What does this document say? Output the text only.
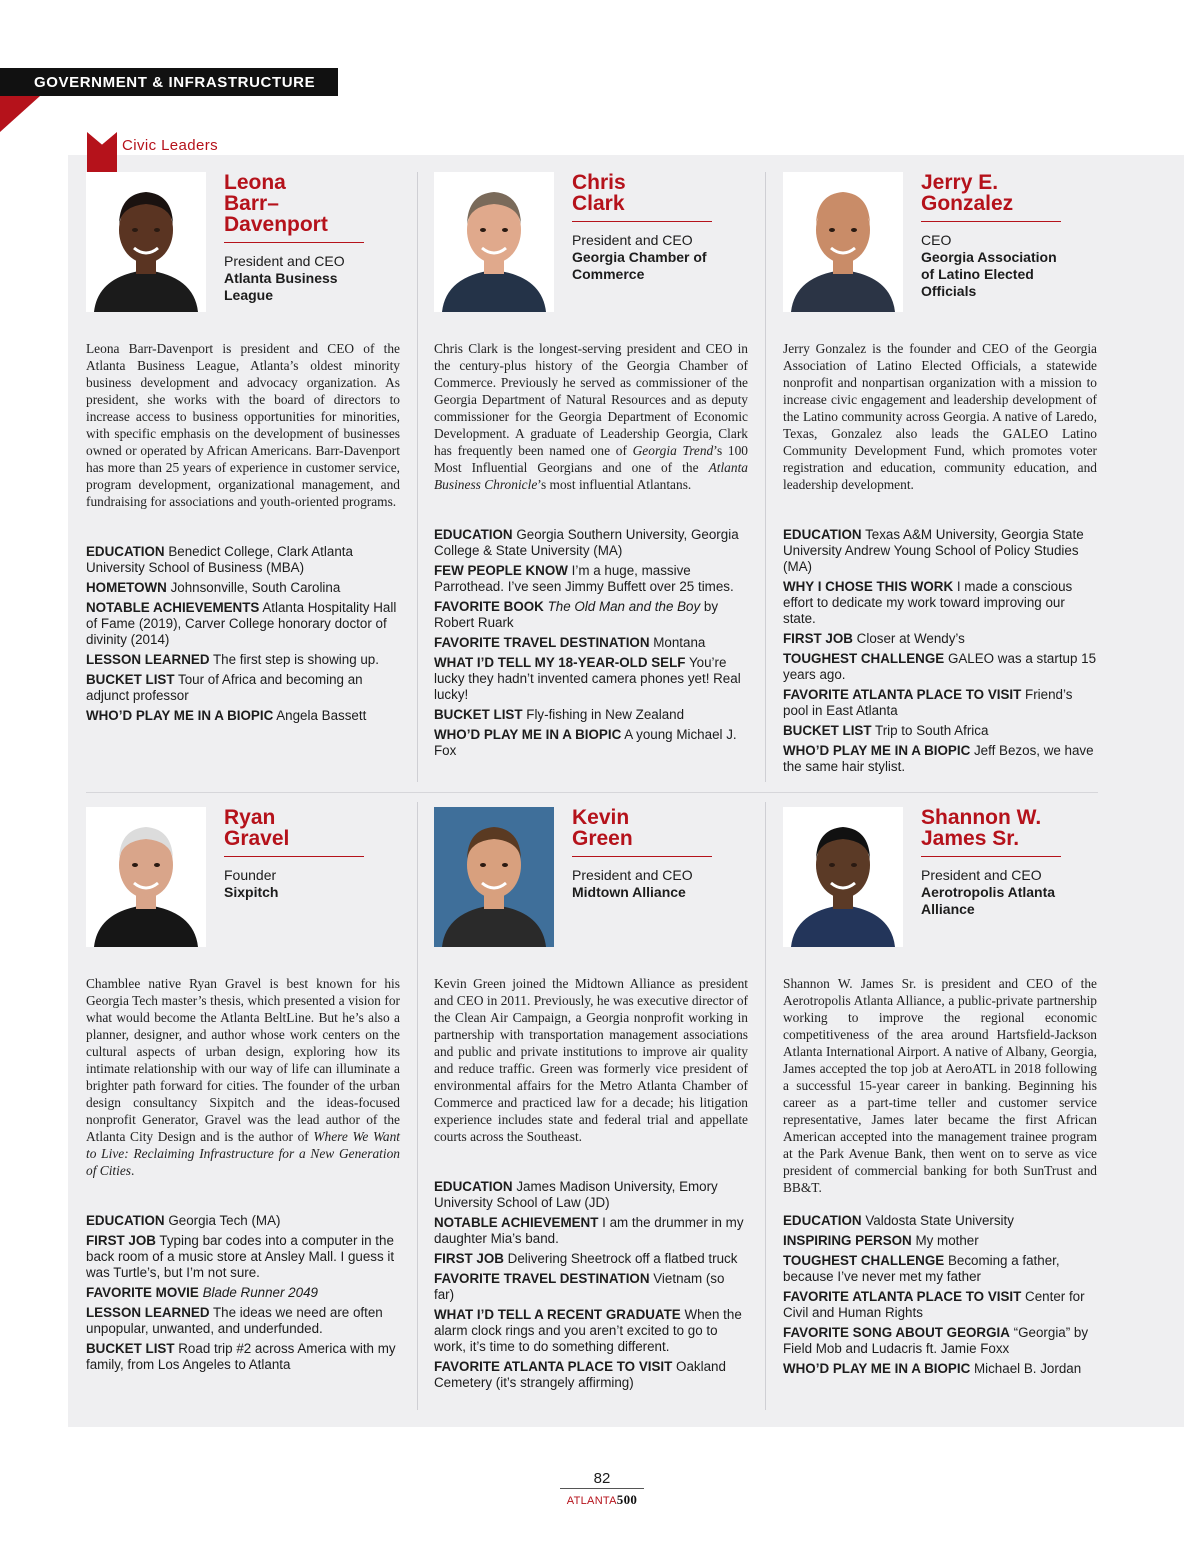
GOVERNMENT & INFRASTRUCTURE
Civic Leaders
Leona
Barr–
Davenport
President and CEO
Atlanta Business League
Leona Barr-Davenport is president and CEO of the Atlanta Business League, Atlanta’s oldest minority business development and advocacy organization. As president, she works with the board of directors to increase access to business opportunities for minorities, with specific emphasis on the development of businesses owned or operated by African Americans. Barr-Davenport has more than 25 years of experience in customer service, program development, organizational management, and fundraising for associations and youth-oriented programs.

EDUCATION Benedict College, Clark Atlanta University School of Business (MBA)

HOMETOWN Johnsonville, South Carolina

NOTABLE ACHIEVEMENTS Atlanta Hospitality Hall of Fame (2019), Carver College honorary doctor of divinity (2014)

LESSON LEARNED The first step is showing up.

BUCKET LIST Tour of Africa and becoming an adjunct professor

WHO’D PLAY ME IN A BIOPIC Angela Bassett

Chris
Clark
President and CEO
Georgia Chamber of Commerce
Chris Clark is the longest-serving president and CEO in the century-plus history of the Georgia Chamber of Commerce. Previously he served as commissioner of the Georgia Department of Natural Resources and as deputy commissioner for the Georgia Department of Economic Development. A graduate of Leadership Georgia, Clark has frequently been named one of Georgia Trend’s 100 Most Influential Georgians and one of the Atlanta Business Chronicle’s most influential Atlantans.

EDUCATION Georgia Southern University, Georgia College & State University (MA)

FEW PEOPLE KNOW I’m a huge, massive Parrothead. I’ve seen Jimmy Buffett over 25 times.

FAVORITE BOOK The Old Man and the Boy by Robert Ruark

FAVORITE TRAVEL DESTINATION Montana

WHAT I’D TELL MY 18-YEAR-OLD SELF You’re lucky they hadn’t invented camera phones yet! Real lucky!

BUCKET LIST Fly-fishing in New Zealand

WHO’D PLAY ME IN A BIOPIC A young Michael J. Fox

Jerry E.
Gonzalez
CEO
Georgia Association of Latino Elected Officials
Jerry Gonzalez is the founder and CEO of the Georgia Association of Latino Elected Officials, a statewide nonprofit and nonpartisan organization with a mission to increase civic engagement and leadership development of the Latino community across Georgia. A native of Laredo, Texas, Gonzalez also leads the GALEO Latino Community Development Fund, which promotes voter registration and education, community education, and leadership development.

EDUCATION Texas A&M University, Georgia State University Andrew Young School of Policy Studies (MA)

WHY I CHOSE THIS WORK I made a conscious effort to dedicate my work toward improving our state.

FIRST JOB Closer at Wendy’s

TOUGHEST CHALLENGE GALEO was a startup 15 years ago.

FAVORITE ATLANTA PLACE TO VISIT Friend’s pool in East Atlanta

BUCKET LIST Trip to South Africa

WHO’D PLAY ME IN A BIOPIC Jeff Bezos, we have the same hair stylist.

Ryan
Gravel
Founder
Sixpitch
Chamblee native Ryan Gravel is best known for his Georgia Tech master’s thesis, which presented a vision for what would become the Atlanta BeltLine. But he’s also a planner, designer, and author whose work centers on the cultural aspects of urban design, exploring how its intimate relationship with our way of life can illuminate a brighter path forward for cities. The founder of the urban design consultancy Sixpitch and the ideas-focused nonprofit Generator, Gravel was the lead author of the Atlanta City Design and is the author of Where We Want to Live: Reclaiming Infrastructure for a New Generation of Cities.

EDUCATION Georgia Tech (MA)

FIRST JOB Typing bar codes into a computer in the back room of a music store at Ansley Mall. I guess it was Turtle’s, but I’m not sure.

FAVORITE MOVIE Blade Runner 2049

LESSON LEARNED The ideas we need are often unpopular, unwanted, and underfunded.

BUCKET LIST Road trip #2 across America with my family, from Los Angeles to Atlanta

Kevin
Green
President and CEO
Midtown Alliance
Kevin Green joined the Midtown Alliance as president and CEO in 2011. Previously, he was executive director of the Clean Air Campaign, a Georgia nonprofit working in partnership with transportation management associations and public and private institutions to improve air quality and reduce traffic. Green was formerly vice president of environmental affairs for the Metro Atlanta Chamber of Commerce and practiced law for a decade; his litigation experience includes state and federal trial and appellate courts across the Southeast.

EDUCATION James Madison University, Emory University School of Law (JD)

NOTABLE ACHIEVEMENT I am the drummer in my daughter Mia’s band.

FIRST JOB Delivering Sheetrock off a flatbed truck

FAVORITE TRAVEL DESTINATION Vietnam (so far)

WHAT I’D TELL A RECENT GRADUATE When the alarm clock rings and you aren’t excited to go to work, it’s time to do something different.

FAVORITE ATLANTA PLACE TO VISIT Oakland Cemetery (it’s strangely affirming)

Shannon W.
James Sr.
President and CEO
Aerotropolis Atlanta Alliance
Shannon W. James Sr. is president and CEO of the Aerotropolis Atlanta Alliance, a public-private partnership working to improve the regional economic competitiveness of the area around Hartsfield-Jackson Atlanta International Airport. A native of Albany, Georgia, James accepted the top job at AeroATL in 2018 following a successful 15-year career in banking. Beginning his career as a part-time teller and customer service representative, James later became the first African American accepted into the management trainee program at the Park Avenue Bank, then went on to serve as vice president of commercial banking for both SunTrust and BB&T.

EDUCATION Valdosta State University

INSPIRING PERSON My mother

TOUGHEST CHALLENGE Becoming a father, because I’ve never met my father

FAVORITE ATLANTA PLACE TO VISIT Center for Civil and Human Rights

FAVORITE SONG ABOUT GEORGIA “Georgia” by Field Mob and Ludacris ft. Jamie Foxx

WHO’D PLAY ME IN A BIOPIC Michael B. Jordan

82
ATLANTA500
